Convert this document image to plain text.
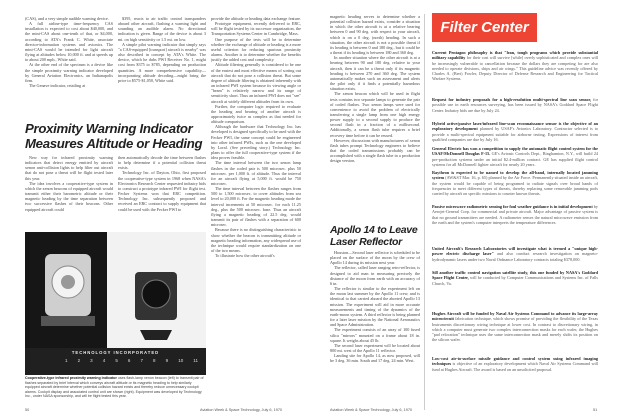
(CAS), and a very simple audible warning device.

A full airline-type time-frequency CAS installation is expected to cost about $40,000, and the mini-CAS about one-tenth of that, or $4,000, according to ATA's Frank C. White, associate director-information systems and avionics. The mini-CAS would be intended for light aircraft flying at altitudes below 10,000 ft. and at speeds up to about 200 mph., White said.

At the other end of the spectrum is a device like the simple proximity warning indicator developed by General Aviation Electronics, an Indianapolis firm.

The Genave indicator, retailing at

$395, reacts to air traffic control transponders aboard other aircraft, flashing a warning light and sounding an audible alarm. No directional indication is given. Range of the device is about 3 mi. on high sensitivity or 1.5 mi. on low.

A simple pilot warning indicator that simply says "a CAS-equipped [transport] aircraft is nearby" was also described in concept by ATA's White. The device, which he dubs PWI Receiver No. 1, might cost from $375 to $785, depending on production quantities. A more comprehensive capability—incorporating altitude decoding—might bring the price to $575-$1,050, White said.

Proximity Warning Indicator Measures Altitude or Heading

New way for infrared proximity warning indicators that detect energy emitted by aircraft xenon anti-collision lights to help filter out aircraft that do not pose a threat will be flight tested later this year.

The idea involves a cooperative-type system in which the xenon beacons of equipped aircraft would transmit either their barometric altitude or their magnetic heading by the time separation between two successive flashes of their beacons. Other equipped aircraft could

then automatically decode the time between flashes to help determine if a potential collision threat exists.

Technology Inc. of Dayton, Ohio, first proposed the cooperative-type system in 1968 when NASA's Electronics Research Center requested industry bids to construct a prototype infrared PWI for flight test. Fecker Systems won that ERC competition. Technology Inc. subsequently proposed and received an ERC contract to supply equipment that could be used with the Fecker PWI to

provide the altitude or heading data exchange feature.

Prototype equipment, recently delivered to ERC, will be flight tested by its successor organization, the Transportation Systems Center in Cambridge, Mass.

One purpose of the tests will be to determine whether the exchange of altitude or heading is a more useful criterion for reducing spurious proximity alarms. Another is to determine whether the benefits justify the added cost and complexity.

Altitude filtering generally is considered to be one of the easiest and most effective means of sorting out aircraft that do not pose a collision threat. But some degree of altitude filtering is obtained inherently with an infrared PWI system because its viewing angle or "beam" is relatively narrow and its range of sensitivity short. Thus an infrared PWI does not "see" aircraft at widely different altitudes from its own.

Further, the computer logic required to evaluate the heading and bearing of another aircraft is approximately twice as complex as that needed for altitude comparison.

Although the hardware that Technology Inc. has developed is designed specifically to be used with the Fecker PWI, the same concept could be engineered into other infrared PWIs, such as the one developed by Loral. (See preceding story.) Technology Inc. plans to offer the full cooperative-type system if the idea proves feasible.

The time interval between the two xenon lamp flashes in the coded pair is 500 microsec. plus 50 microsec. per 1,000 ft. of altitude. Thus the interval for an aircraft flying at 5,000 ft. would be 750 microsec.

The time interval between the flashes ranges from 500 to 1,500 microsec. to cover altitudes from sea level to 20,000 ft. For the magnetic heading mode the interval increments at 50 microsec. for each 11.25 deg., plus the 500 microsec. base. Thus an aircraft flying a magnetic heading of 22.5 deg. would transmit its pair of flashes with a separation of 600 microsec.

Because there is no distinguishing characteristic to show whether the beacon is transmitting altitude or magnetic heading information, any widespread use of the technique would require standardization on one of the two means.

To illustrate how the other aircraft's

TECHNOLOGY INCORPORATED
1 2 3 4 5 6 7 8 9 10 11
Cooperative-type infrared proximity warning indicator uses flash-lamp xenon beacon (left) to transmit pair of flashes separated by brief interval which conveys aircraft altitude or its magnetic heading to help similarly equipped aircraft determine whether potential collision hazard exists and thereby reduce unnecessary cockpit alarms. Cockpit display and associated control unit are shown (right). Equipment was developed by Technology Inc., under NASA sponsorship, and will be flight tested this year.
50	Aviation Week & Space Technology, July 6, 1970

magnetic heading serves to determine whether a potential collision hazard exists, consider a situation in which the other aircraft is at a relative bearing between 0 and 90 deg. with respect to your aircraft, which is on a 0 deg. (north) heading. In such a situation, the other aircraft is not a possible threat if its heading is between 0 and 180 deg., but it could be a threat if its heading is between 180 and 360 deg.

In another situation where the other aircraft is at a bearing between 90 and 180 deg. relative to your aircraft, then it can be a threat only if its magnetic heading is between 270 and 360 deg. The system automatically makes such an assessment and alerts the pilot only if it finds a potentially hazardous situation exists.

The xenon beacon which will be used in flight tests contains two separate lamps to generate the pair of coded flashes. Two xenon lamps were used for convenience to avoid the problem of electrically transferring a single lamp from one high energy power supply to a second supply to produce the second flash in a fraction of a millisecond. Additionally, a xenon flash tube requires a brief recovery time before it can be reused.

However, discussions with manufacturers of xenon flash tubes prompt Technology engineers to believe that the coded transmissions probably can be accomplished with a single flash tube in a production design version.

Apollo 14 to Leave Laser Reflector

Houston—Second laser reflector is scheduled to be placed on the surface of the moon by the crew of Apollo 14 during its mission next year.

The reflector, called laser ranging retro-reflector, is designed to aid man in measuring precisely the distance of the moon from earth with an accuracy of 6 in.

The reflector is similar to the experiment left on the moon last summer by the Apollo 11 crew, and is identical to that carried aboard the aborted Apollo 13 mission. The experiment will aid in more accurate measurements and timing of the dynamics of the earth-moon system. A third reflector is being planned for a later laser mission by the National Aeronautics and Space Administration.

The experiment consists of an array of 100 fused silica "mirrors" mounted on a frame about 18 in. square. It weighs about 45 lb.

The second laser experiment will be located about 800 mi. west of the Apollo 11 reflector.

Landing site for Apollo 14, as now proposed, will be 3 deg. 36 min. South and 17 deg. 24 min. West.

Aviation Week & Space Technology, July 6, 1970	51
Filter Center
Current Pentagon philosophy is that "lean, tough programs which provide substantial military capability for their cost will survive [while] overly sophisticated and complex ones will be increasingly vulnerable to cancellation because the dollars they are competing for are also needed to operate divisions, ships and air wings." This guideline advice was recently offered by Charles A. (Bert) Fowler, Deputy Director of Defense Research and Engineering for Tactical Warfare Systems.
Request for industry proposals for a high-resolution multi-spectral line scan sensor, for possible use in earth resources surveying, has been issued by NASA's Goddard Space Flight Center. Industry bids are due by July 24.
Hybrid active/passive laser/infrared line-scan reconnaissance sensor is the objective of an exploratory development planned by USAF's Avionics Laboratory. Contractor selected is to provide a multi-spectral equipment suitable for airborne testing. Expressions of interest from qualified companies are due by July 16.
General Electric has won a competition to supply the automatic flight control system for the USAF/McDonnell Douglas F-15. GE's Avionic Controls Dept., Binghamton, N.Y., will build 24 pre-production systems under an initial $2.4-million contract. GE has supplied flight control systems for all McDonnell fighter aircraft for nearly 20 years.
Raytheon is expected to be named to develop the all-band, internally located jamming system (AW&ST Mar. 16, p. 65) planned by the Air Force. Permanently situated inside an aircraft, the system would be capable of being programed to radiate signals over broad bands of frequencies to meet different types of threats, thereby replacing some removable jamming pods carried by aircraft on specific missions to counter known threats.
Passive microwave radiometric sensing for foul weather guidance is in initial development by Aerojet-General Corp. for commercial and private aircraft. Major advantage of passive system is that no ground transmitters are needed. A radiometer senses the natural microwave emission from the earth and the system's computer interprets the temperature differences.
United Aircraft's Research Laboratories will investigate what is termed a "unique high-power electric discharge laser" and also conduct research investigation on magneto-hydrodynamic lasers under two Naval Ordnance Laboratory contracts totaling $378,000.
Sill another traffic control navigation satellite study, this one funded by NASA's Goddard Space Flight Center, will be conducted by Computer Communications and Systems Inc. of Falls Church, Va.
Hughes Aircraft will be funded by Naval Air Systems Command to advance its large-array microcircuit fabrication technique, which shows promise of providing the flexibility of the Texas Instruments discretionary wiring technique at lower cost. In contrast to discretionary wiring, in which a computer must generate two complex interconnection masks for each wafer, the Hughes "pad relocation" technique uses the same interconnection mask and merely shifts its position on the silicon wafer.
Low-cost air-to-surface missile guidance and control system using infrared imaging techniques is objective of an exploratory development which Naval Air Systems Command will fund at Hughes Aircraft. The award is based on an unsolicited proposal.
